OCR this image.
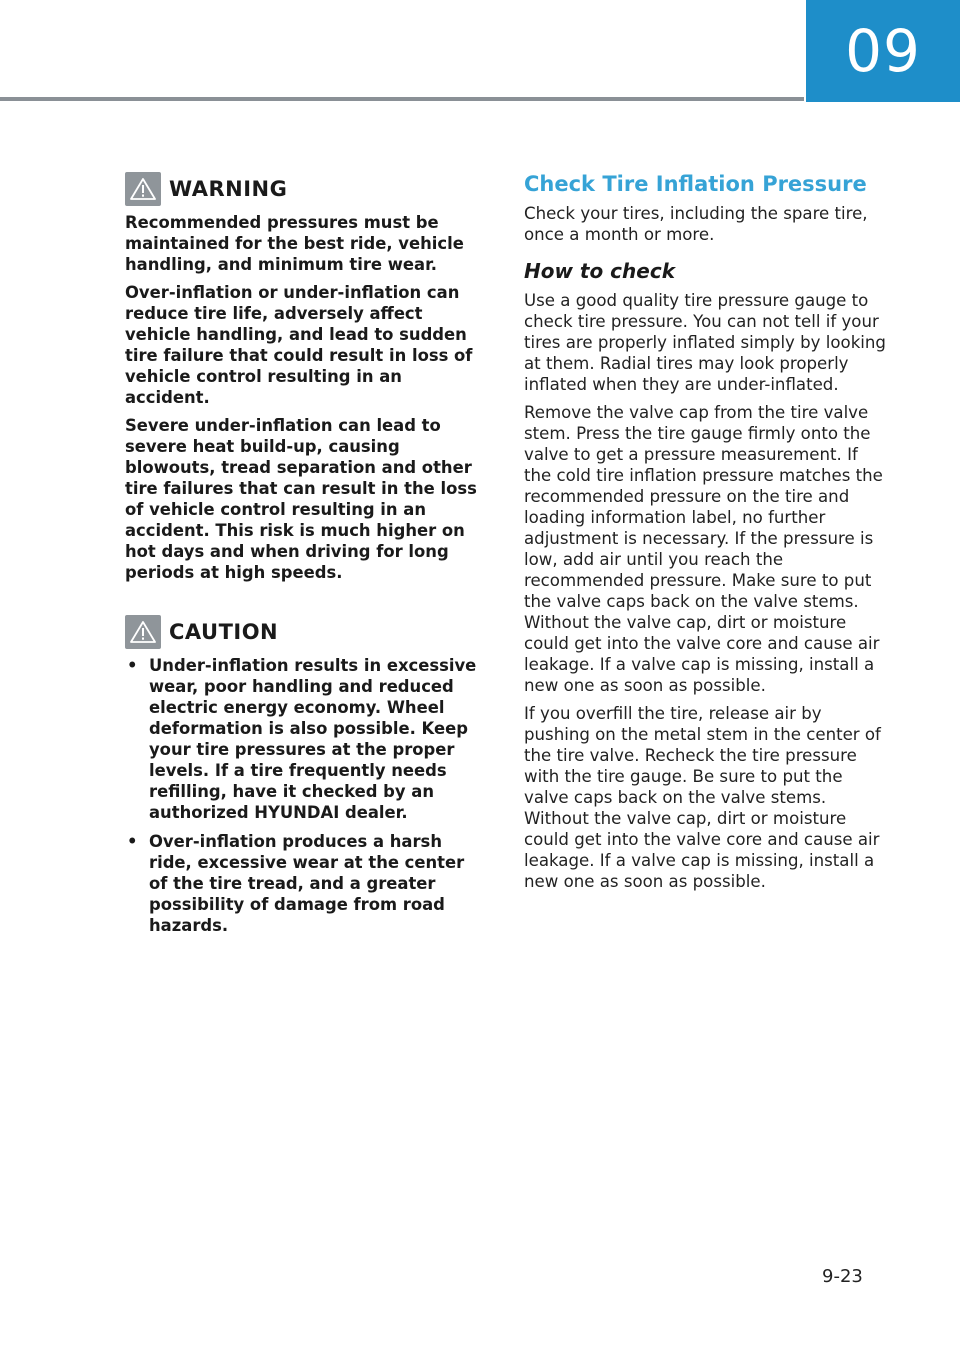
09
WARNING

Recommended pressures must be maintained for the best ride, vehicle handling, and minimum tire wear.

Over-inflation or under-inflation can reduce tire life, adversely affect vehicle handling, and lead to sudden tire failure that could result in loss of vehicle control resulting in an accident.

Severe under-inflation can lead to severe heat build-up, causing blowouts, tread separation and other tire failures that can result in the loss of vehicle control resulting in an accident. This risk is much higher on hot days and when driving for long periods at high speeds.

CAUTION
• Under-inflation results in excessive wear, poor handling and reduced electric energy economy. Wheel deformation is also possible. Keep your tire pressures at the proper levels. If a tire frequently needs refilling, have it checked by an authorized HYUNDAI dealer.
• Over-inflation produces a harsh ride, excessive wear at the center of the tire tread, and a greater possibility of damage from road hazards.
Check Tire Inflation Pressure

Check your tires, including the spare tire, once a month or more.

How to check

Use a good quality tire pressure gauge to check tire pressure. You can not tell if your tires are properly inflated simply by looking at them. Radial tires may look properly inflated when they are under-inflated.

Remove the valve cap from the tire valve stem. Press the tire gauge firmly onto the valve to get a pressure measurement. If the cold tire inflation pressure matches the recommended pressure on the tire and loading information label, no further adjustment is necessary. If the pressure is low, add air until you reach the recommended pressure. Make sure to put the valve caps back on the valve stems. Without the valve cap, dirt or moisture could get into the valve core and cause air leakage. If a valve cap is missing, install a new one as soon as possible.

If you overfill the tire, release air by pushing on the metal stem in the center of the tire valve. Recheck the tire pressure with the tire gauge. Be sure to put the valve caps back on the valve stems. Without the valve cap, dirt or moisture could get into the valve core and cause air leakage. If a valve cap is missing, install a new one as soon as possible.

9-23
